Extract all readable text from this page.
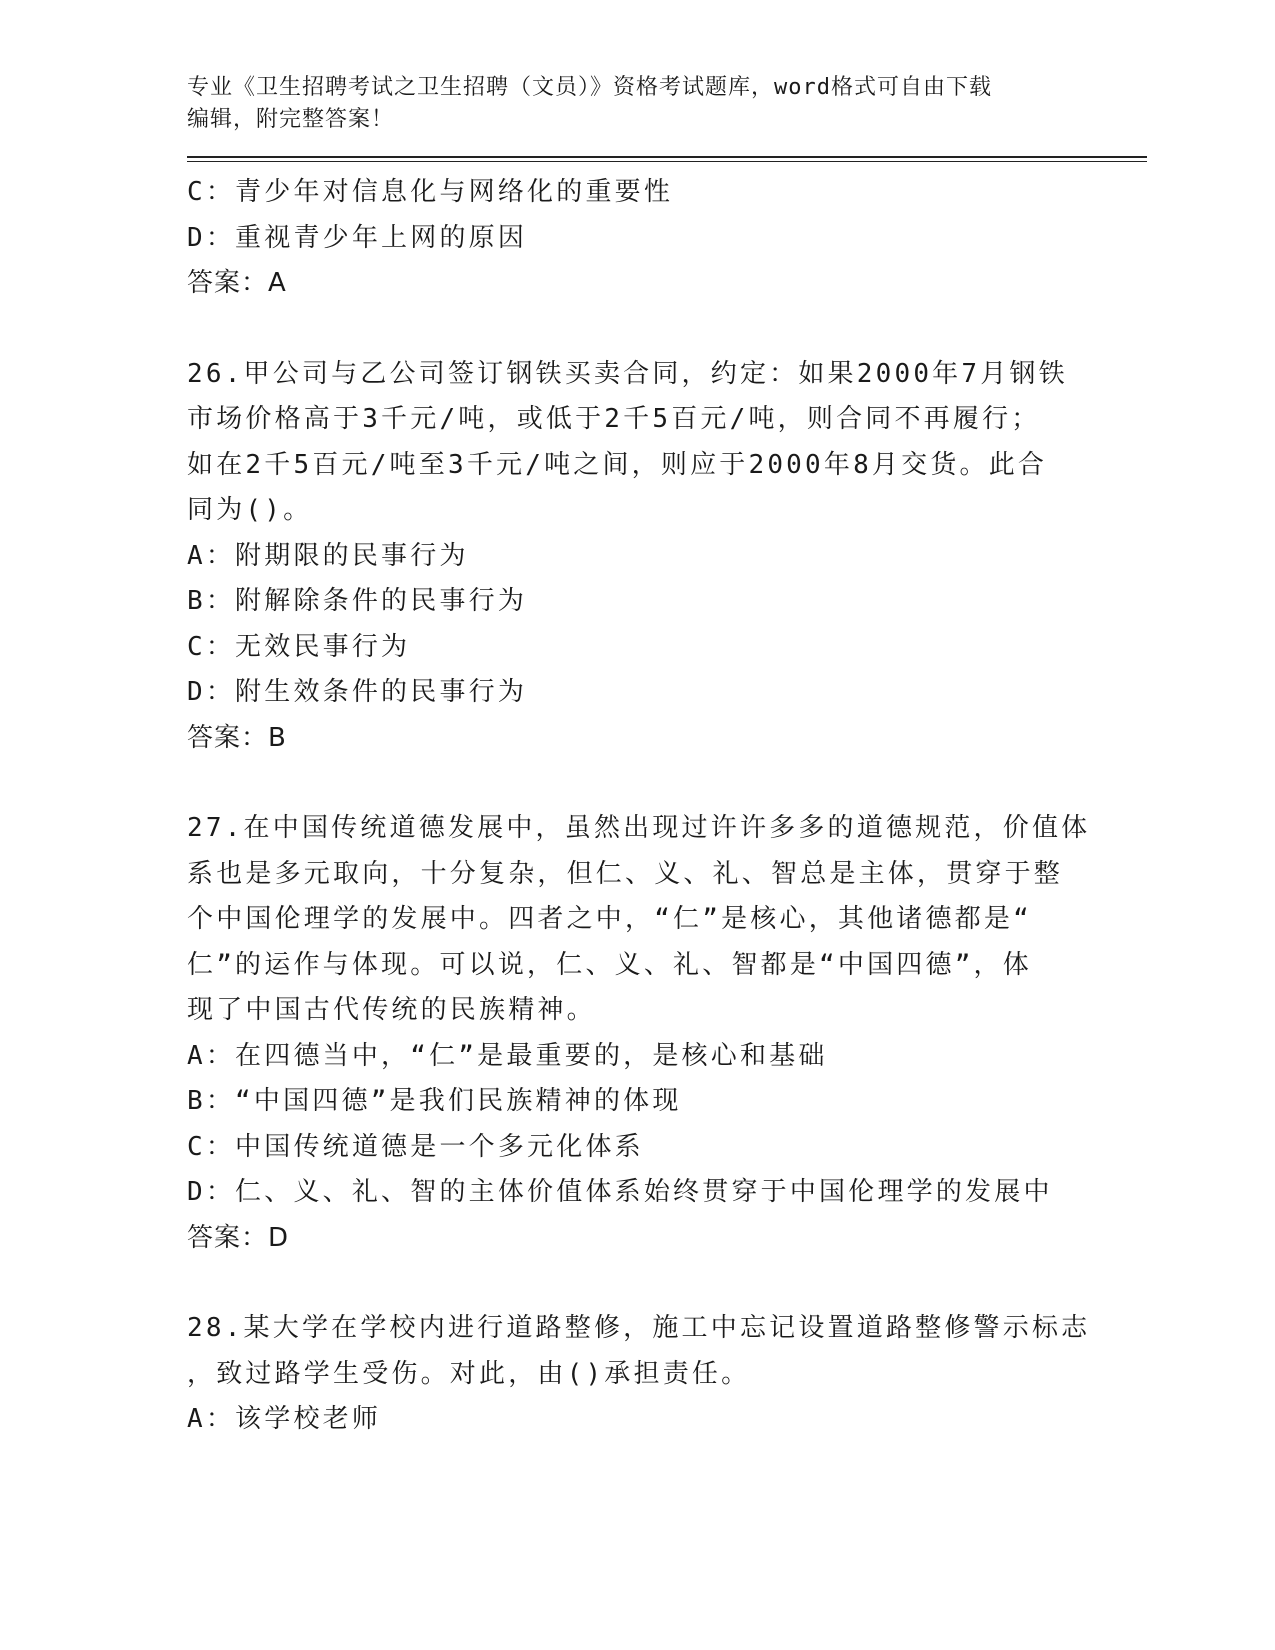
专业《卫生招聘考试之卫生招聘（文员）》资格考试题库，word格式可自由下载
编辑，附完整答案！
C：青少年对信息化与网络化的重要性
D：重视青少年上网的原因
答案：A
26.甲公司与乙公司签订钢铁买卖合同，约定：如果2000年7月钢铁
市场价格高于3千元/吨，或低于2千5百元/吨，则合同不再履行；
如在2千5百元/吨至3千元/吨之间，则应于2000年8月交货。此合
同为()。
A：附期限的民事行为
B：附解除条件的民事行为
C：无效民事行为
D：附生效条件的民事行为
答案：B
27.在中国传统道德发展中，虽然出现过许许多多的道德规范，价值体
系也是多元取向，十分复杂，但仁、义、礼、智总是主体，贯穿于整
个中国伦理学的发展中。四者之中，“仁”是核心，其他诸德都是“
仁”的运作与体现。可以说，仁、义、礼、智都是“中国四德”，体
现了中国古代传统的民族精神。
A：在四德当中，“仁”是最重要的，是核心和基础
B：“中国四德”是我们民族精神的体现
C：中国传统道德是一个多元化体系
D：仁、义、礼、智的主体价值体系始终贯穿于中国伦理学的发展中
答案：D
28.某大学在学校内进行道路整修，施工中忘记设置道路整修警示标志
，致过路学生受伤。对此，由()承担责任。
A：该学校老师
